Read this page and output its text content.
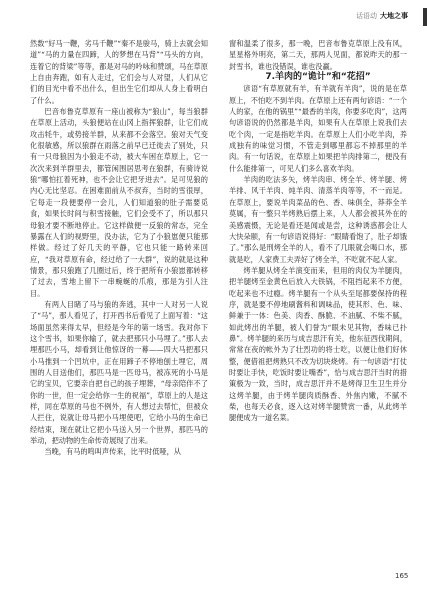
话语动 大地之事

然数“好马一鞭，劣马千鞭”“秦不是骏马，骑上去就会知道”“马的力量在四蹄，人的梦想在马背”“马头的方向，连着它的背梁”等等，都是对马的吟咏和赞颂，马在草原上自由奔跑，如有人走过，它们会与人对望，人们从它们的目光中看不出什么，但出生它们却从人身上看明白了什么。

巴音布鲁克草原有一座山被称为“狼山”，每当狼群在草原上活动，头狼便站在山冈上指挥狼群，让它们成攻击牦牛，或势接羊群，从来都不会落空。狼对天气变化很敏感，所以狼群在雨落之前早已迁徙去了别处，只有一只母狼因为小狼走不动，被大车困在草原上，它一次次来到羊群里去，都管闲围居思考在狼群，有骑诗说狼“哪怕扛着死神，也不会让它把牙进去”。足可见狼的内心无比坚忍。在困难面前从不叔弃，当时的雪很厚，它每走一段便要停一会儿，人们知道狼的肚子需要觅食，如果长时间与积雪接触，它们会受不了，所以那只母狼才要不断地停止。它这样做便一反狼的常态，完全暴露在人们的视野里，没办法，它为了小狼崽便只能那样做。经过了好几天的平静，它也只能一路转来回应，“我对草原有命，经过给了一大群”，说的就是这种情景，那只狼跑了几圈过后，终于把所有小狼崽都转移了过去，雪地上留下一串蜿蜒的爪痕，那是为引人注目。

有两人目睹了马与狼的奔逃，其中一人对另一人说了“马”，那人看见了，打开西书后看见了上面写着：“这场面虽然来得太早，但经是今年的第一场雪。我对你下这个雪书，如果你输了，就去把那只小马埋了。”那人去埋那匹小马，却看到让他惊讶的一幕——四大马把那只小马推到一个凹坑中，正在用蹄子不停地刨土埋它，周围的人目送他们，那匹马是一匹母马，被冻死的小马是它的宝贝，它要亲自把自己的孩子埋葬，“母亲陪伴不了你的一世，但一定会给你一生的祝福”，草原上的人是这样，同在草原的马也不例外，有人想过去帮忙，但被众人拦住，说就让母马把小马埋使吧，它给小马的生命已经结束，现在就让它把小马送入另一个世界，那匹马的举动，把动物的生命传奇展现了出来。

当晚，有马的鸣叫声传来，比平时低哑，从

窗和温柔了很多，那一晚，巴音布鲁克草原上没有风，星星格外明亮，第二天，那两人见面，都说昨天的那一封雪书，谁也没错误，谁也没赢。

7.羊肉的“诡计”和“花招”

谚语“有草原就有羊，有羊就有羊肉”，说的是在草原上，不怕吃不到羊肉。在草原上还有两句谚语：“一个人的家，在他的锅里”“最香的羊肉，你要多吃肉”，这两句谚语说的仍然都是羊肉，如果有人在草原上说我们去吃个肉，一定是指吃羊肉。在草原上人们小吃羊肉，养成独有的味觉习惯，不管走到哪里都忘不掉那里的羊肉。有一句话说，在草原上如果把羊肉排第二，便没有什么能排第一，可见人们多么喜欢羊肉。

羊肉的吃法多矢，烤羊肉串、烤全羊、烤羊腿、烤羊排、风干羊肉、炖羊肉、清蒸羊肉等等，不一而足。在草原上，要说羊肉菜品的色、香、味俱全，莽莽全羊莫属，有一整只羊烤熟后摆上来，人人都会被其外在的美感震慑，无论是看还是闻或是尝，这种诱惑都会让人大快朵颐，有一句谚语说得好：“眼睛看饱了，肚子却饿了。”那么是刑烤全羊的人，看不了几眼就会喝口水，那就是吃，人家费工夫弄好了烤全羊，不吃就不起人家。

烤羊腿从烤全羊演变而来，但用的肉仅为羊腿肉，把羊腿烤至金黄色后放入大铁锅，不阻挡起来不方便，吃起来也不过瘾。烤羊腿有一个从头至尾都要保持的程序，就是要不停地刷酱料和调味品，使其形、色、味、鲜兼于一体：色美、肉香、酥脆、不油腻、不柴不腻，如此烤出的羊腿，被人们誉为“眼未见其物，香味已扑鼻”。烤羊腿的来历与成吉思汗有关，他东征西伐期间，常常在夜的帐外为了壮烈功的将士吃，以便让他们好休整，便借祖把烤熟只不改为切块烧烤。有一句谚语“打仗时要让手快，吃饭时要让嘴香”，恰与成吉思汗当时的措策极为一致，当时，成吉思汗并不是烤得卫生卫生并分这烤羊腿，由于烤羊腿肉质酥香、外焦内嫩，不腻不柴，也每天必食，逐入这对烤羊腿赞赏一番，从此烤羊腿便成为一道名菜。

165
